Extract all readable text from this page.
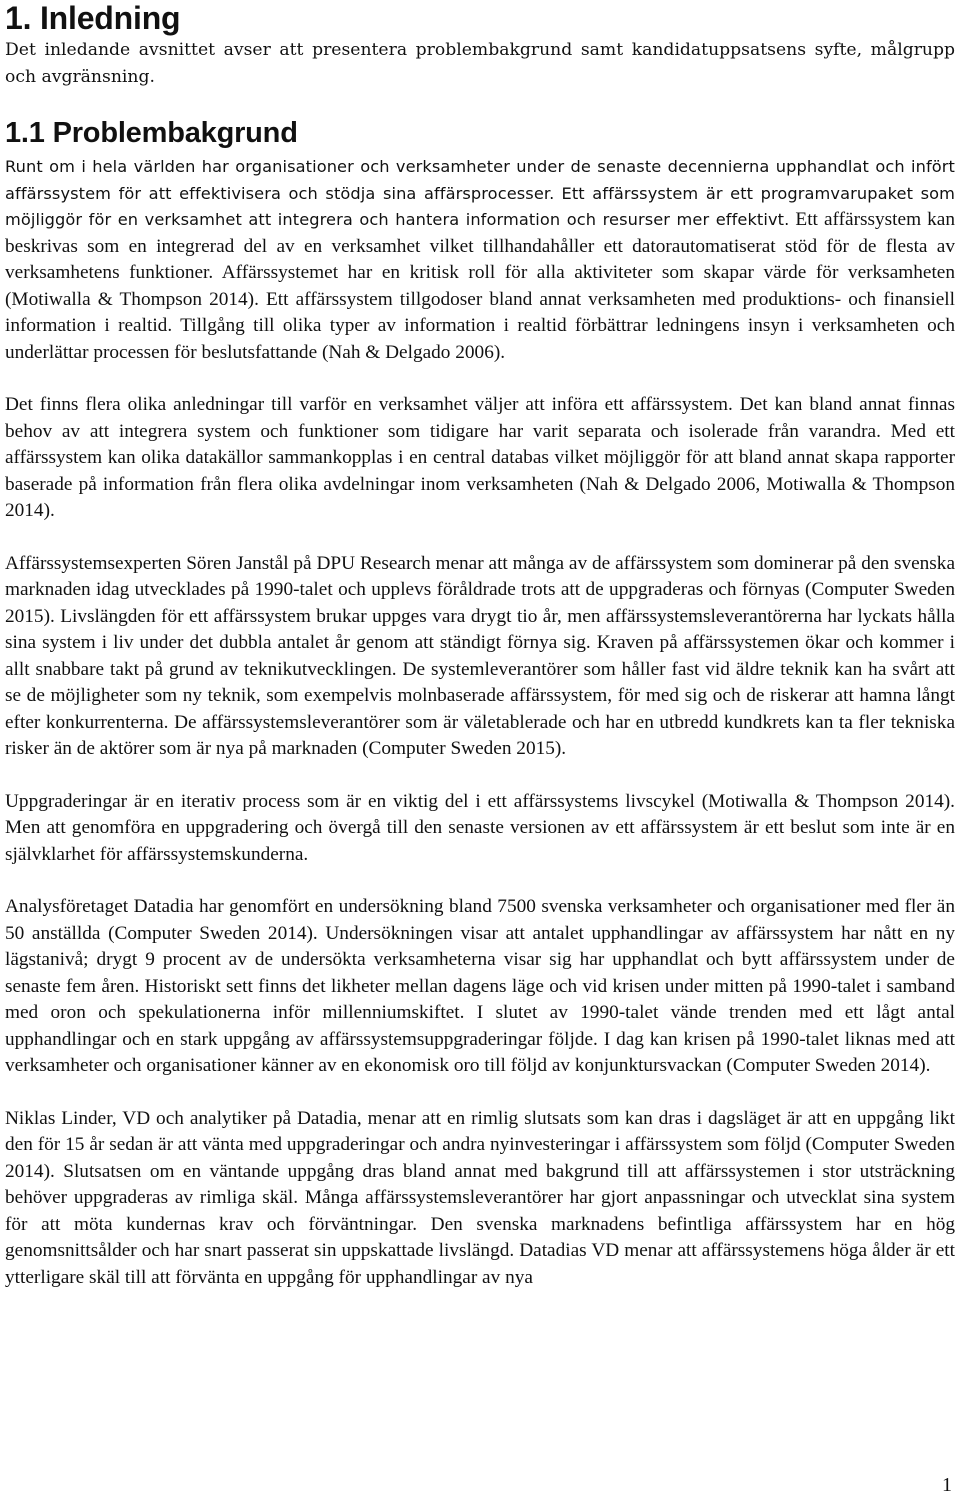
1. Inledning

Det inledande avsnittet avser att presentera problembakgrund samt kandidatuppsatsens syfte, målgrupp och avgränsning.

1.1 Problembakgrund

Runt om i hela världen har organisationer och verksamheter under de senaste decennierna upphandlat och infört affärssystem för att effektivisera och stödja sina affärsprocesser. Ett affärssystem är ett programvarupaket som möjliggör för en verksamhet att integrera och hantera information och resurser mer effektivt. Ett affärssystem kan beskrivas som en integrerad del av en verksamhet vilket tillhandahåller ett datorautomatiserat stöd för de flesta av verksamhetens funktioner. Affärssystemet har en kritisk roll för alla aktiviteter som skapar värde för verksamheten (Motiwalla & Thompson 2014). Ett affärssystem tillgodoser bland annat verksamheten med produktions- och finansiell information i realtid. Tillgång till olika typer av information i realtid förbättrar ledningens insyn i verksamheten och underlättar processen för beslutsfattande (Nah & Delgado 2006).

Det finns flera olika anledningar till varför en verksamhet väljer att införa ett affärssystem. Det kan bland annat finnas behov av att integrera system och funktioner som tidigare har varit separata och isolerade från varandra. Med ett affärssystem kan olika datakällor sammankopplas i en central databas vilket möjliggör för att bland annat skapa rapporter baserade på information från flera olika avdelningar inom verksamheten (Nah & Delgado 2006, Motiwalla & Thompson 2014).

Affärssystemsexperten Sören Janstål på DPU Research menar att många av de affärssystem som dominerar på den svenska marknaden idag utvecklades på 1990-talet och upplevs föråldrade trots att de uppgraderas och förnyas (Computer Sweden 2015). Livslängden för ett affärssystem brukar uppges vara drygt tio år, men affärssystemsleverantörerna har lyckats hålla sina system i liv under det dubbla antalet år genom att ständigt förnya sig. Kraven på affärssystemen ökar och kommer i allt snabbare takt på grund av teknikutvecklingen. De systemleverantörer som håller fast vid äldre teknik kan ha svårt att se de möjligheter som ny teknik, som exempelvis molnbaserade affärssystem, för med sig och de riskerar att hamna långt efter konkurrenterna. De affärssystemsleverantörer som är väletablerade och har en utbredd kundkrets kan ta fler tekniska risker än de aktörer som är nya på marknaden (Computer Sweden 2015).

Uppgraderingar är en iterativ process som är en viktig del i ett affärssystems livscykel (Motiwalla & Thompson 2014). Men att genomföra en uppgradering och övergå till den senaste versionen av ett affärssystem är ett beslut som inte är en självklarhet för affärssystemskunderna.

Analysföretaget Datadia har genomfört en undersökning bland 7500 svenska verksamheter och organisationer med fler än 50 anställda (Computer Sweden 2014). Undersökningen visar att antalet upphandlingar av affärssystem har nått en ny lägstanivå; drygt 9 procent av de undersökta verksamheterna visar sig har upphandlat och bytt affärssystem under de senaste fem åren. Historiskt sett finns det likheter mellan dagens läge och vid krisen under mitten på 1990-talet i samband med oron och spekulationerna inför millenniumskiftet. I slutet av 1990-talet vände trenden med ett lågt antal upphandlingar och en stark uppgång av affärssystemsuppgraderingar följde. I dag kan krisen på 1990-talet liknas med att verksamheter och organisationer känner av en ekonomisk oro till följd av konjunktursvackan (Computer Sweden 2014).

Niklas Linder, VD och analytiker på Datadia, menar att en rimlig slutsats som kan dras i dagsläget är att en uppgång likt den för 15 år sedan är att vänta med uppgraderingar och andra nyinvesteringar i affärssystem som följd (Computer Sweden 2014). Slutsatsen om en väntande uppgång dras bland annat med bakgrund till att affärssystemen i stor utsträckning behöver uppgraderas av rimliga skäl. Många affärssystemsleverantörer har gjort anpassningar och utvecklat sina system för att möta kundernas krav och förväntningar. Den svenska marknadens befintliga affärssystem har en hög genomsnittsålder och har snart passerat sin uppskattade livslängd. Datadias VD menar att affärssystemens höga ålder är ett ytterligare skäl till att förvänta en uppgång för upphandlingar av nya

1
